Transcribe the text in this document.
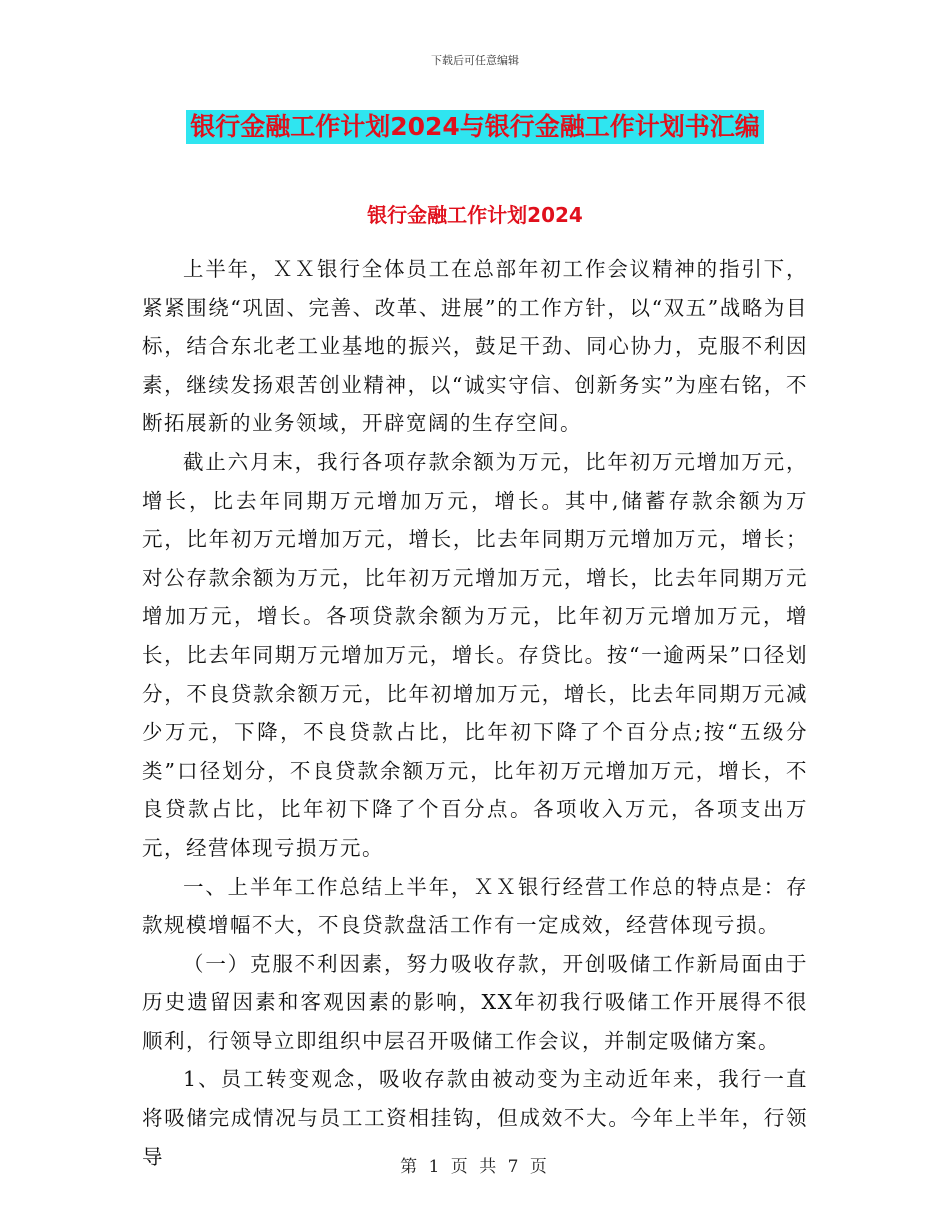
下载后可任意编辑
银行金融工作计划2024与银行金融工作计划书汇编
银行金融工作计划2024

上半年，ＸＸ银行全体员工在总部年初工作会议精神的指引下，紧紧围绕“巩固、完善、改革、进展”的工作方针，以“双五”战略为目标，结合东北老工业基地的振兴，鼓足干劲、同心协力，克服不利因素，继续发扬艰苦创业精神，以“诚实守信、创新务实”为座右铭，不断拓展新的业务领域，开辟宽阔的生存空间。

截止六月末，我行各项存款余额为万元，比年初万元增加万元，增长，比去年同期万元增加万元，增长。其中,储蓄存款余额为万元，比年初万元增加万元，增长，比去年同期万元增加万元，增长；对公存款余额为万元，比年初万元增加万元，增长，比去年同期万元增加万元，增长。各项贷款余额为万元，比年初万元增加万元，增长，比去年同期万元增加万元，增长。存贷比。按“一逾两呆”口径划分，不良贷款余额万元，比年初增加万元，增长，比去年同期万元减少万元，下降，不良贷款占比，比年初下降了个百分点;按“五级分类”口径划分，不良贷款余额万元，比年初万元增加万元，增长，不良贷款占比，比年初下降了个百分点。各项收入万元，各项支出万元，经营体现亏损万元。

一、上半年工作总结上半年，ＸＸ银行经营工作总的特点是：存款规模增幅不大，不良贷款盘活工作有一定成效，经营体现亏损。

（一）克服不利因素，努力吸收存款，开创吸储工作新局面由于历史遗留因素和客观因素的影响，XX年初我行吸储工作开展得不很顺利，行领导立即组织中层召开吸储工作会议，并制定吸储方案。

1、员工转变观念，吸收存款由被动变为主动近年来，我行一直将吸储完成情况与员工工资相挂钩，但成效不大。今年上半年，行领导	第 1 页 共 7 页
